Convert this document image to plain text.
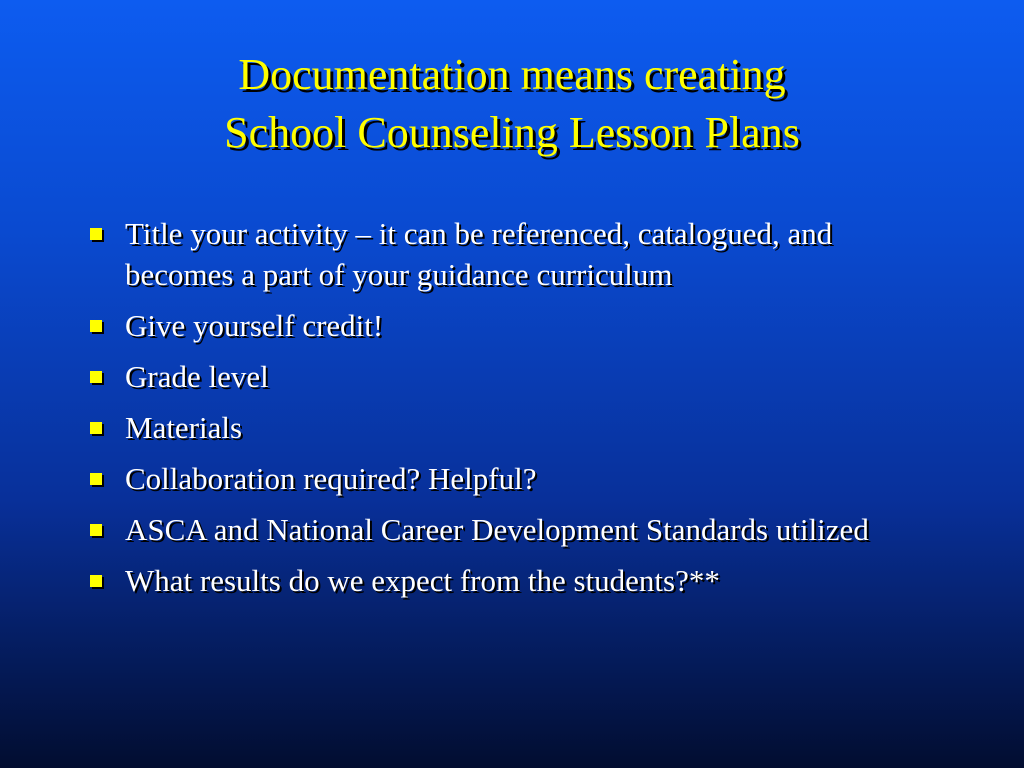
Documentation means creating
School Counseling Lesson Plans
Title your activity – it can be referenced, catalogued, and becomes a part of your guidance curriculum
Give yourself credit!
Grade level
Materials
Collaboration required? Helpful?
ASCA and National Career Development Standards utilized
What results do we expect from the students?**
